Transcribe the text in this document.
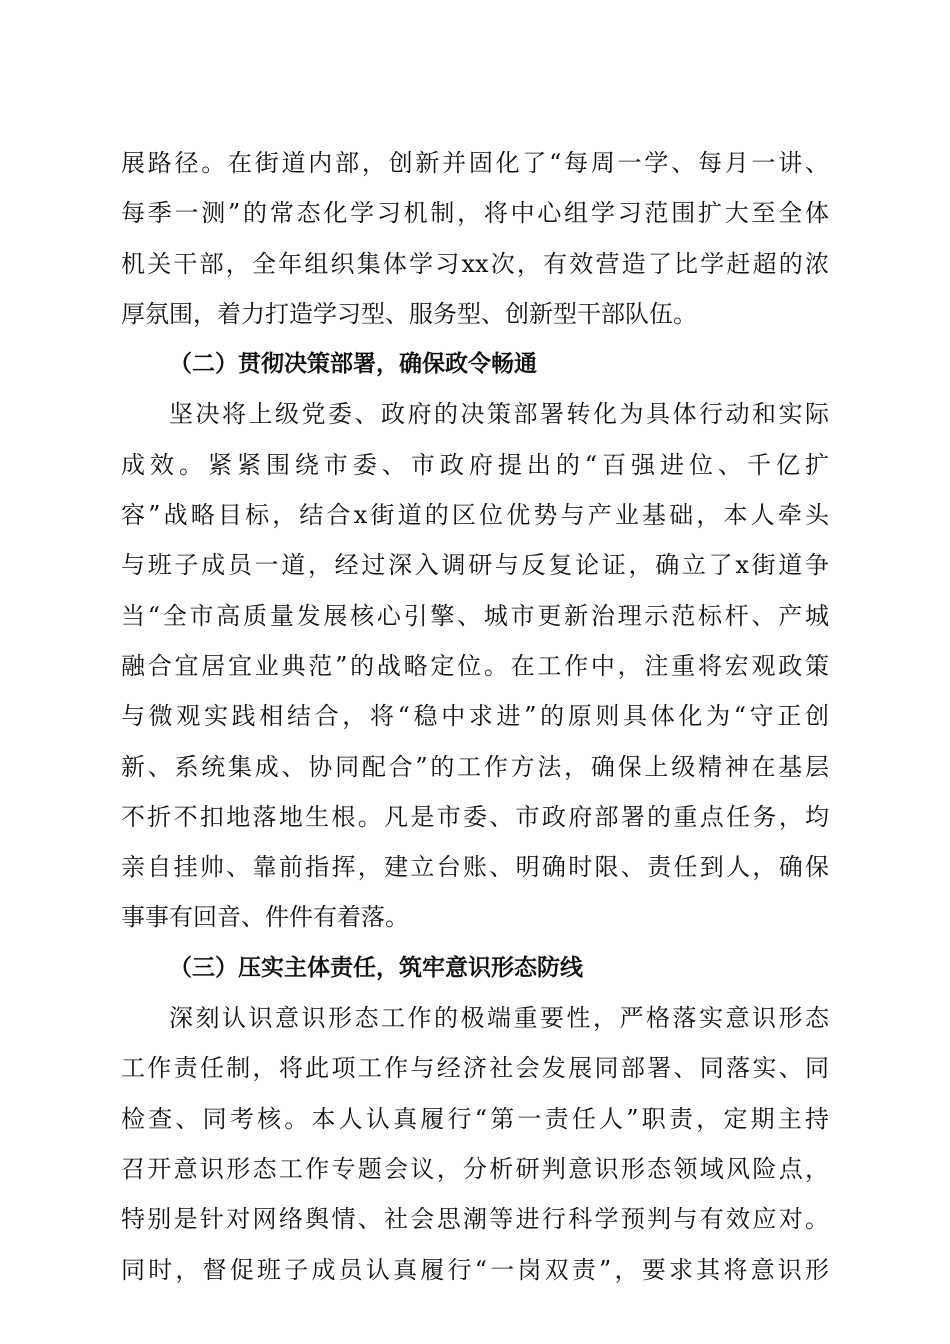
展路径。在街道内部，创新并固化了“每周一学、每月一讲、
每季一测”的常态化学习机制，将中心组学习范围扩大至全体
机关干部，全年组织集体学习xx次，有效营造了比学赶超的浓
厚氛围，着力打造学习型、服务型、创新型干部队伍。
（二）贯彻决策部署，确保政令畅通
坚决将上级党委、政府的决策部署转化为具体行动和实际
成效。紧紧围绕市委、市政府提出的“百强进位、千亿扩
容”战略目标，结合x街道的区位优势与产业基础，本人牵头
与班子成员一道，经过深入调研与反复论证，确立了x街道争
当“全市高质量发展核心引擎、城市更新治理示范标杆、产城
融合宜居宜业典范”的战略定位。在工作中，注重将宏观政策
与微观实践相结合，将“稳中求进”的原则具体化为“守正创
新、系统集成、协同配合”的工作方法，确保上级精神在基层
不折不扣地落地生根。凡是市委、市政府部署的重点任务，均
亲自挂帅、靠前指挥，建立台账、明确时限、责任到人，确保
事事有回音、件件有着落。
（三）压实主体责任，筑牢意识形态防线
深刻认识意识形态工作的极端重要性，严格落实意识形态
工作责任制，将此项工作与经济社会发展同部署、同落实、同
检查、同考核。本人认真履行“第一责任人”职责，定期主持
召开意识形态工作专题会议，分析研判意识形态领域风险点，
特别是针对网络舆情、社会思潮等进行科学预判与有效应对。
同时，督促班子成员认真履行“一岗双责”，要求其将意识形
